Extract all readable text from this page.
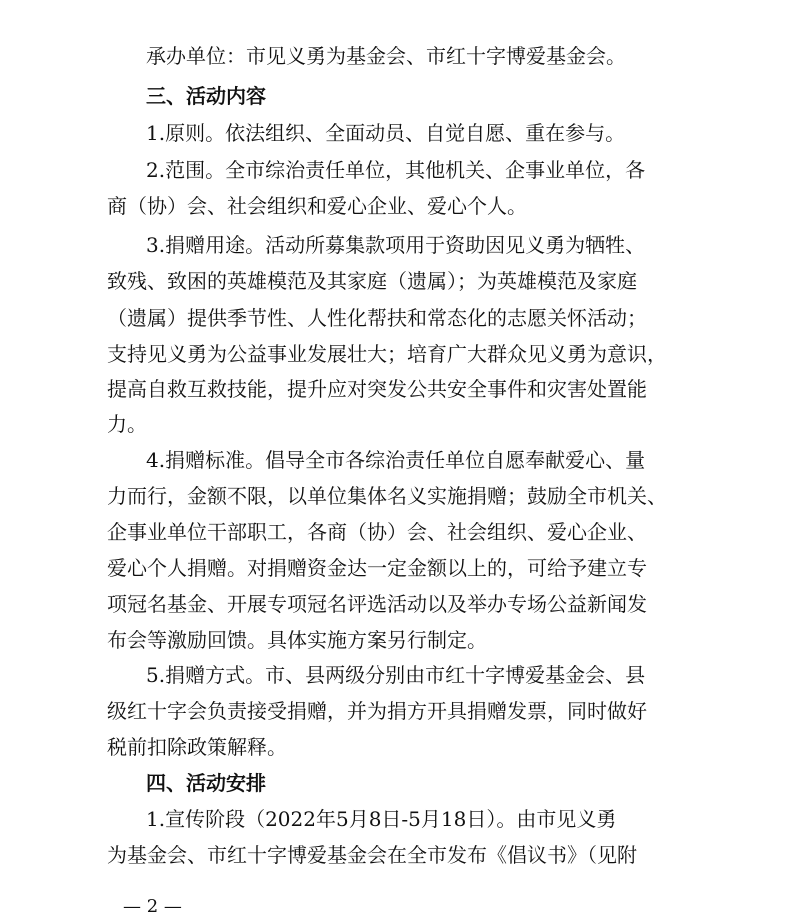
承办单位：市见义勇为基金会、市红十字博爱基金会。
三、活动内容
1.原则。依法组织、全面动员、自觉自愿、重在参与。
2.范围。全市综治责任单位，其他机关、企事业单位，各
商（协）会、社会组织和爱心企业、爱心个人。
3.捐赠用途。活动所募集款项用于资助因见义勇为牺牲、
致残、致困的英雄模范及其家庭（遗属）；为英雄模范及家庭
（遗属）提供季节性、人性化帮扶和常态化的志愿关怀活动；
支持见义勇为公益事业发展壮大；培育广大群众见义勇为意识，
提高自救互救技能，提升应对突发公共安全事件和灾害处置能
力。
4.捐赠标准。倡导全市各综治责任单位自愿奉献爱心、量
力而行，金额不限，以单位集体名义实施捐赠；鼓励全市机关、
企事业单位干部职工，各商（协）会、社会组织、爱心企业、
爱心个人捐赠。对捐赠资金达一定金额以上的，可给予建立专
项冠名基金、开展专项冠名评选活动以及举办专场公益新闻发
布会等激励回馈。具体实施方案另行制定。
5.捐赠方式。市、县两级分别由市红十字博爱基金会、县
级红十字会负责接受捐赠，并为捐方开具捐赠发票，同时做好
税前扣除政策解释。
四、活动安排
1.宣传阶段（2022年5月8日-5月18日）。由市见义勇
为基金会、市红十字博爱基金会在全市发布《倡议书》（见附
— 2 —
